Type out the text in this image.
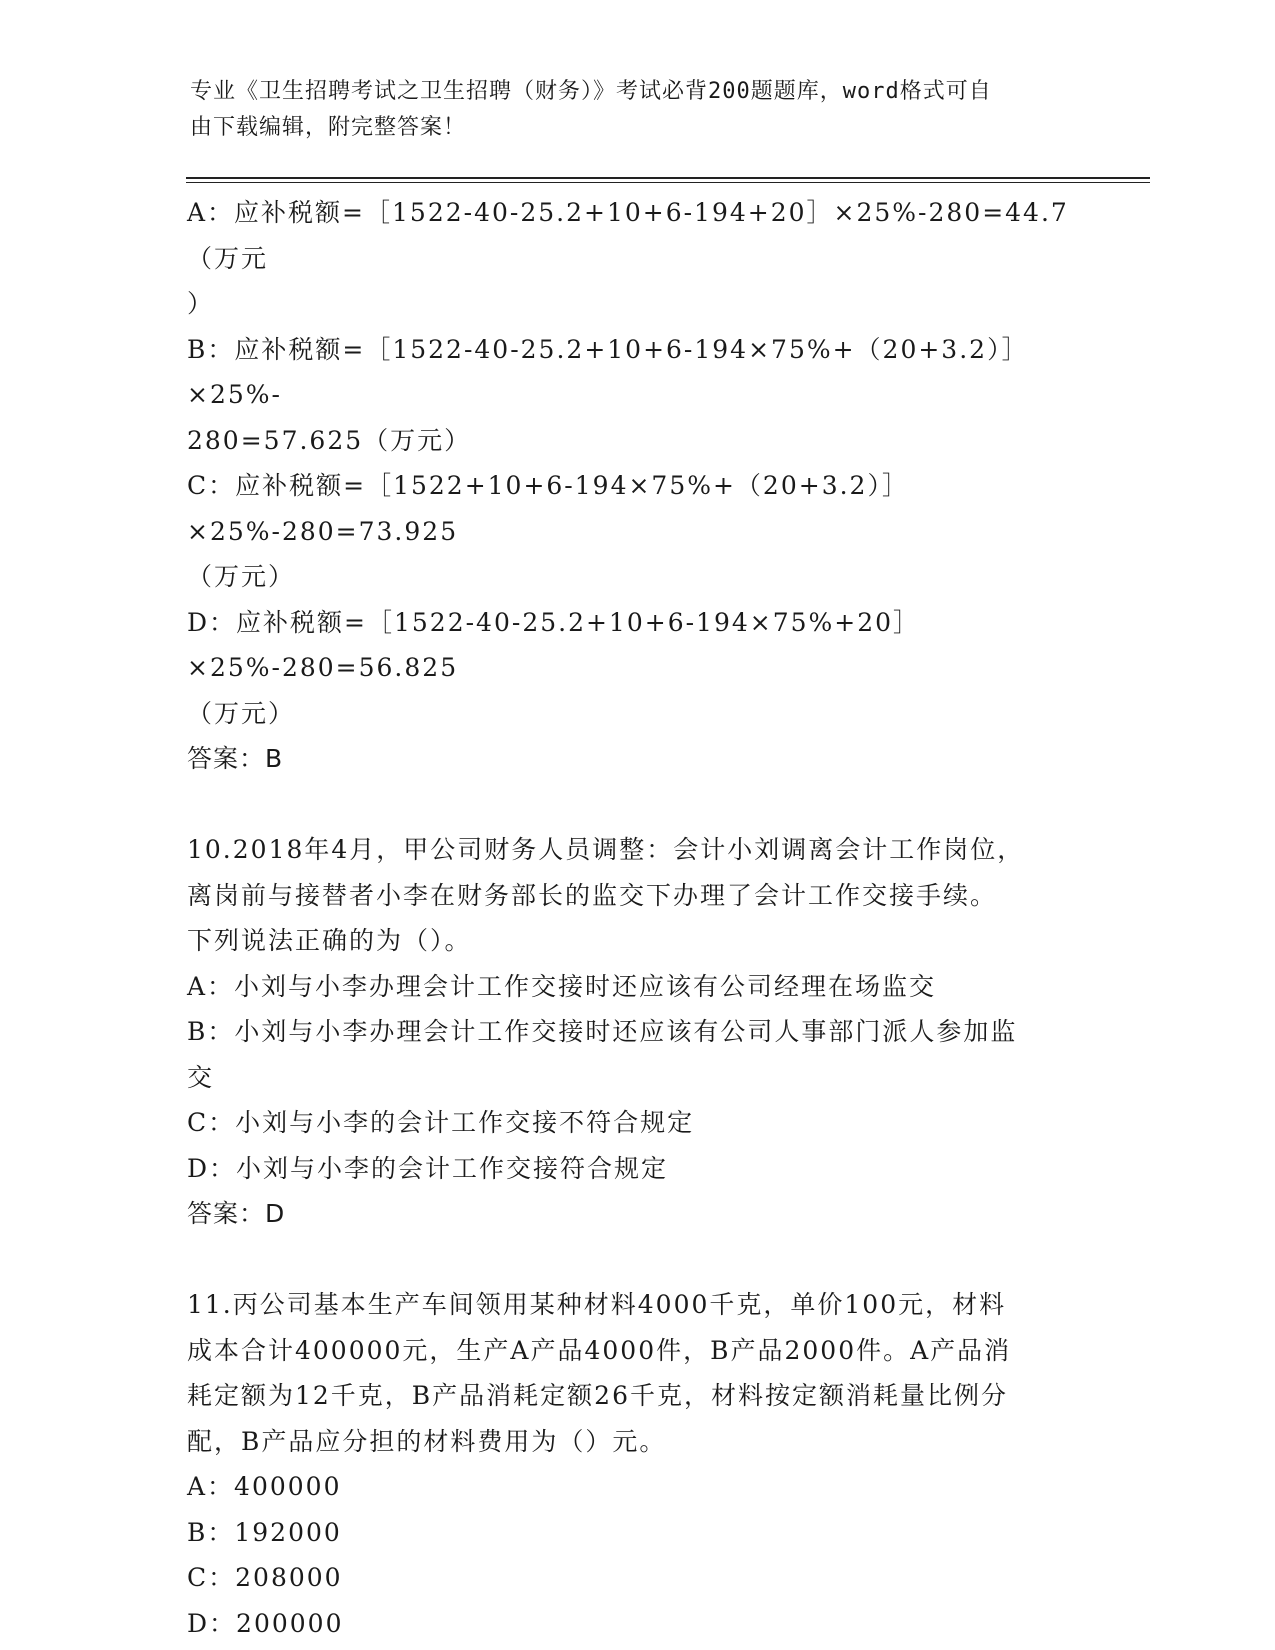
专业《卫生招聘考试之卫生招聘（财务）》考试必背200题题库，word格式可自
由下载编辑，附完整答案！
A：应补税额=［1522-40-25.2+10+6-194+20］×25%-280=44.7（万元
）
B：应补税额=［1522-40-25.2+10+6-194×75%+（20+3.2）］×25%-
280=57.625（万元）
C：应补税额=［1522+10+6-194×75%+（20+3.2）］×25%-280=73.925
（万元）
D：应补税额=［1522-40-25.2+10+6-194×75%+20］×25%-280=56.825
（万元）
答案：B
10.2018年4月，甲公司财务人员调整：会计小刘调离会计工作岗位，
离岗前与接替者小李在财务部长的监交下办理了会计工作交接手续。
下列说法正确的为（）。
A：小刘与小李办理会计工作交接时还应该有公司经理在场监交
B：小刘与小李办理会计工作交接时还应该有公司人事部门派人参加监
交
C：小刘与小李的会计工作交接不符合规定
D：小刘与小李的会计工作交接符合规定
答案：D
11.丙公司基本生产车间领用某种材料4000千克，单价100元，材料
成本合计400000元，生产A产品4000件，B产品2000件。A产品消
耗定额为12千克，B产品消耗定额26千克，材料按定额消耗量比例分
配，B产品应分担的材料费用为（）元。
A：400000
B：192000
C：208000
D：200000
